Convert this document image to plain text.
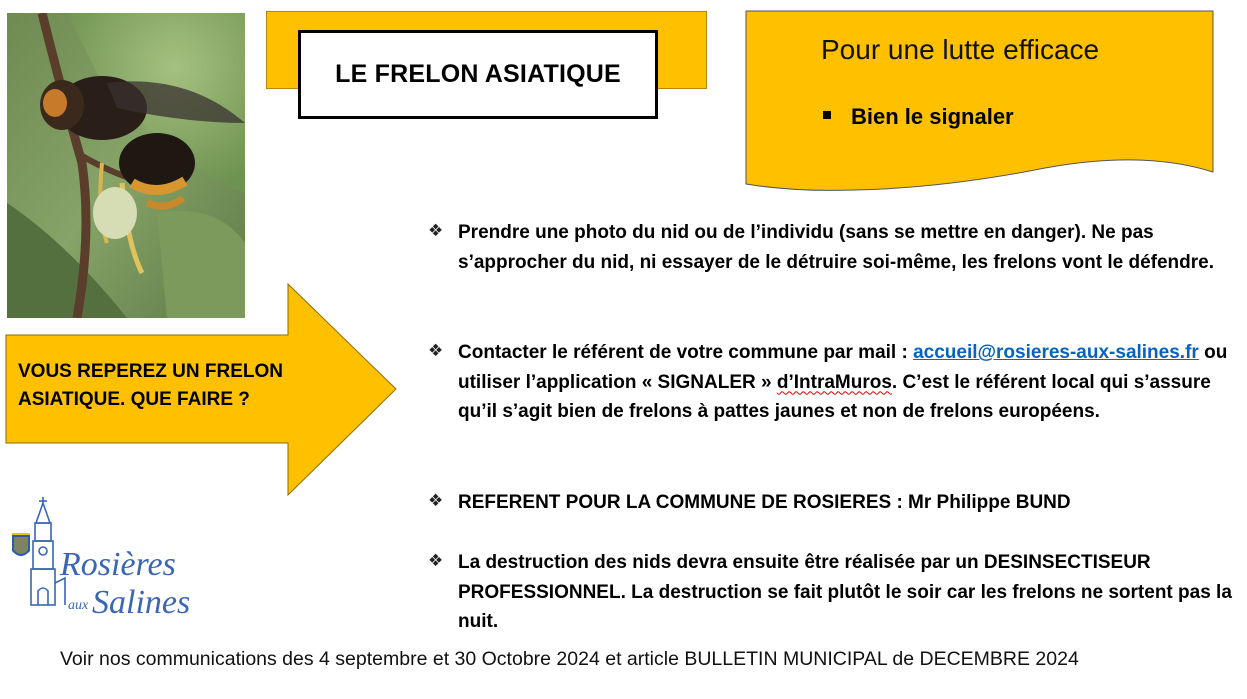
LE FRELON ASIATIQUE
Pour une lutte efficace
Bien le signaler
VOUS REPEREZ UN FRELON ASIATIQUE. QUE FAIRE ?
Rosières
aux Salines
❖ Prendre une photo du nid ou de l’individu (sans se mettre en danger). Ne pas s’approcher du nid, ni essayer de le détruire soi-même, les frelons vont le défendre.
❖ Contacter le référent de votre commune par mail : accueil@rosieres-aux-salines.fr ou utiliser l’application « SIGNALER » d’IntraMuros. C’est le référent local qui s’assure qu’il s’agit bien de frelons à pattes jaunes et non de frelons européens.
❖ REFERENT POUR LA COMMUNE DE ROSIERES : Mr Philippe BUND
❖ La destruction des nids devra ensuite être réalisée par un DESINSECTISEUR PROFESSIONNEL. La destruction se fait plutôt le soir car les frelons ne sortent pas la nuit.
Voir nos communications des 4 septembre et 30 Octobre 2024 et article BULLETIN MUNICIPAL de DECEMBRE 2024
